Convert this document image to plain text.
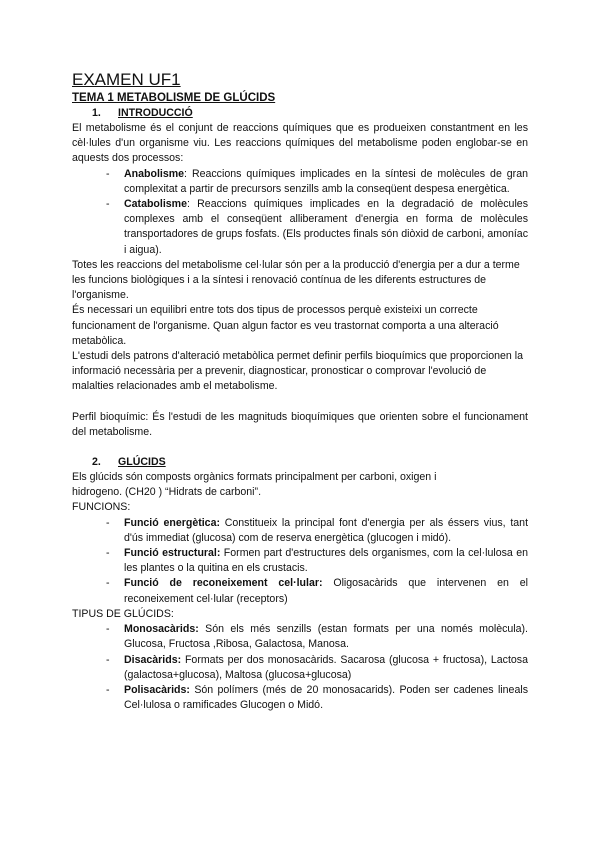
EXAMEN UF1
TEMA 1 METABOLISME DE GLÚCIDS
1. INTRODUCCIÓ

El metabolisme és el conjunt de reaccions químiques que es produeixen constantment en les cèl·lules d'un organisme viu. Les reaccions químiques del metabolisme poden englobar-se en aquests dos processos:

- Anabolisme: Reaccions químiques implicades en la síntesi de molècules de gran complexitat a partir de precursors senzills amb la conseqüent despesa energètica.
- Catabolisme: Reaccions químiques implicades en la degradació de molècules complexes amb el conseqüent alliberament d'energia en forma de molècules transportadores de grups fosfats. (Els productes finals són diòxid de carboni, amoníac i aigua).

Totes les reaccions del metabolisme cel·lular són per a la producció d'energia per a dur a terme les funcions biològiques i a la síntesi i renovació contínua de les diferents estructures de l'organisme.

És necessari un equilibri entre tots dos tipus de processos perquè existeixi un correcte funcionament de l'organisme. Quan algun factor es veu trastornat comporta a una alteració metabòlica.

L'estudi dels patrons d'alteració metabòlica permet definir perfils bioquímics que proporcionen la informació necessària per a prevenir, diagnosticar, pronosticar o comprovar l'evolució de malalties relacionades amb el metabolisme.

Perfil bioquímic: És l'estudi de les magnituds bioquímiques que orienten sobre el funcionament del metabolisme.

2. GLÚCIDS

Els glúcids són composts orgànics formats principalment per carboni, oxigen i
hidrogeno. (CH20 ) “Hidrats de carboni”.

FUNCIONS:

- Funció energètica: Constitueix la principal font d'energia per als éssers vius, tant d'ús immediat (glucosa) com de reserva energètica (glucogen i midó).
- Funció estructural: Formen part d'estructures dels organismes, com la cel·lulosa en les plantes o la quitina en els crustacis.
- Funció de reconeixement cel·lular: Oligosacàrids que intervenen en el reconeixement cel·lular (receptors)

TIPUS DE GLÚCIDS:

- Monosacàrids: Són els més senzills (estan formats per una només molècula). Glucosa, Fructosa ,Ribosa, Galactosa, Manosa.
- Disacàrids: Formats per dos monosacàrids. Sacarosa (glucosa + fructosa), Lactosa (galactosa+glucosa), Maltosa (glucosa+glucosa)
- Polisacàrids: Són polímers (més de 20 monosacarids). Poden ser cadenes lineals Cel·lulosa o ramificades Glucogen o Midó.
